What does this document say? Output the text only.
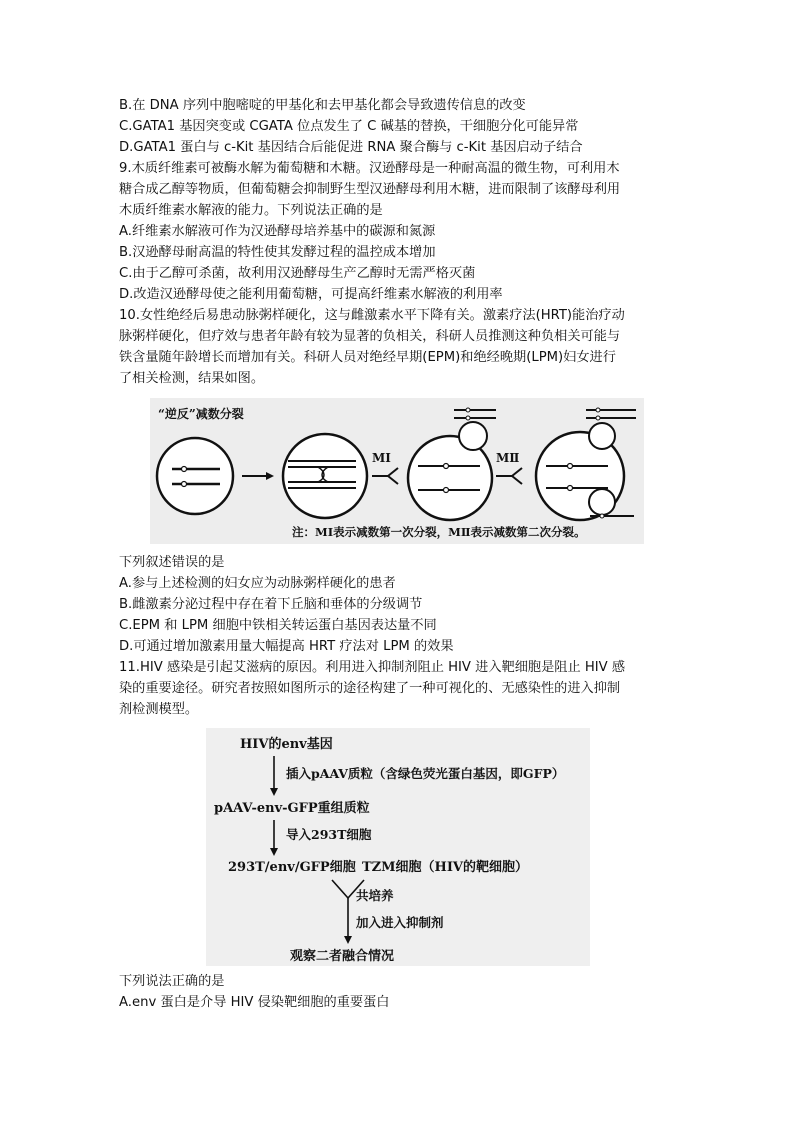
B.在 DNA 序列中胞嘧啶的甲基化和去甲基化都会导致遗传信息的改变
C.GATA1 基因突变或 CGATA 位点发生了 C 碱基的替换，干细胞分化可能异常
D.GATA1 蛋白与 c-Kit 基因结合后能促进 RNA 聚合酶与 c-Kit 基因启动子结合
9.木质纤维素可被酶水解为葡萄糖和木糖。汉逊酵母是一种耐高温的微生物，可利用木
糖合成乙醇等物质，但葡萄糖会抑制野生型汉逊酵母利用木糖，进而限制了该酵母利用
木质纤维素水解液的能力。下列说法正确的是
A.纤维素水解液可作为汉逊酵母培养基中的碳源和氮源
B.汉逊酵母耐高温的特性使其发酵过程的温控成本增加
C.由于乙醇可杀菌，故利用汉逊酵母生产乙醇时无需严格灭菌
D.改造汉逊酵母使之能利用葡萄糖，可提高纤维素水解液的利用率
10.女性绝经后易患动脉粥样硬化，这与雌激素水平下降有关。激素疗法(HRT)能治疗动
脉粥样硬化，但疗效与患者年龄有较为显著的负相关，科研人员推测这种负相关可能与
铁含量随年龄增长而增加有关。科研人员对绝经早期(EPM)和绝经晚期(LPM)妇女进行
了相关检测，结果如图。
“逆反”减数分裂
MⅠ	MⅡ
注：MⅠ表示减数第一次分裂，MⅡ表示减数第二次分裂。
下列叙述错误的是
A.参与上述检测的妇女应为动脉粥样硬化的患者
B.雌激素分泌过程中存在着下丘脑和垂体的分级调节
C.EPM 和 LPM 细胞中铁相关转运蛋白基因表达量不同
D.可通过增加激素用量大幅提高 HRT 疗法对 LPM 的效果
11.HIV 感染是引起艾滋病的原因。利用进入抑制剂阻止 HIV 进入靶细胞是阻止 HIV 感
染的重要途径。研究者按照如图所示的途径构建了一种可视化的、无感染性的进入抑制
剂检测模型。
HIV的env基因
插入pAAV质粒（含绿色荧光蛋白基因，即GFP）
pAAV-env-GFP重组质粒
导入293T细胞
293T/env/GFP细胞 TZM细胞（HIV的靶细胞）
共培养
加入进入抑制剂
观察二者融合情况
下列说法正确的是
A.env 蛋白是介导 HIV 侵染靶细胞的重要蛋白
